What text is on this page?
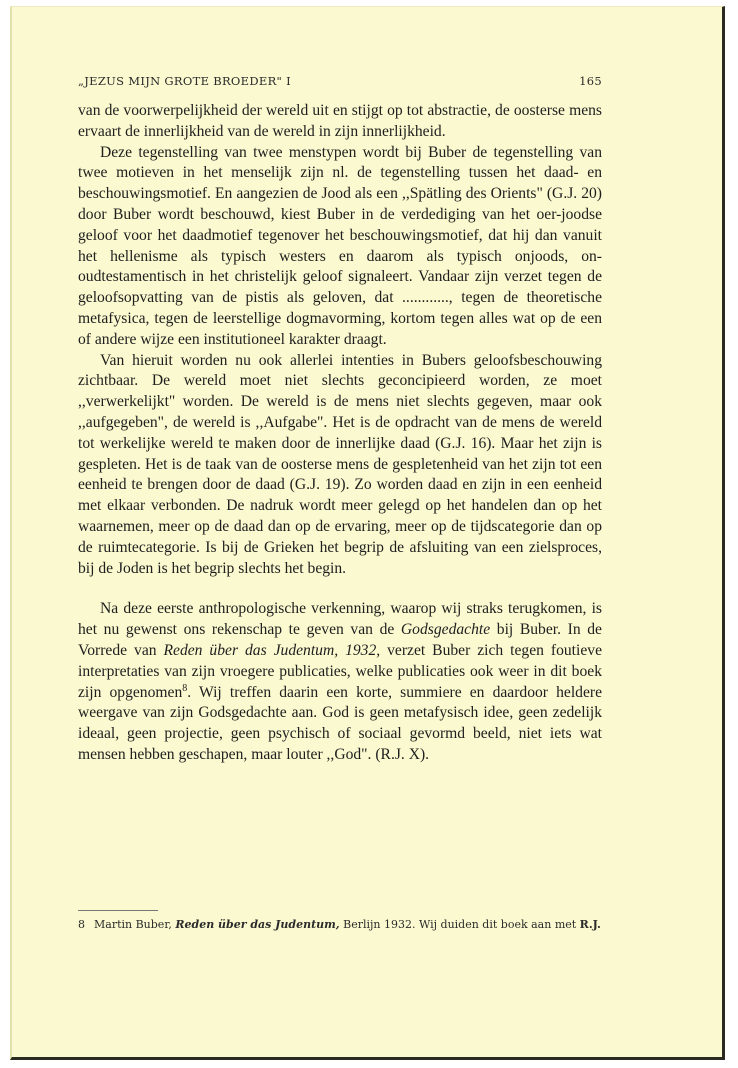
„JEZUS MIJN GROTE BROEDER" I	165

van de voorwerpelijkheid der wereld uit en stijgt op tot abstractie, de oosterse mens ervaart de innerlijkheid van de wereld in zijn innerlijkheid.

Deze tegenstelling van twee menstypen wordt bij Buber de tegenstelling van twee motieven in het menselijk zijn nl. de tegenstelling tussen het daad- en beschouwingsmotief. En aangezien de Jood als een ,,Spätling des Orients" (G.J. 20) door Buber wordt beschouwd, kiest Buber in de verdediging van het oer-joodse geloof voor het daadmotief tegenover het beschouwingsmotief, dat hij dan vanuit het hellenisme als typisch westers en daarom als typisch onjoods, on-oudtestamentisch in het christelijk geloof signaleert. Vandaar zijn verzet tegen de geloofsopvatting van de pistis als geloven, dat ............, tegen de theoretische metafysica, tegen de leerstellige dogmavorming, kortom tegen alles wat op de een of andere wijze een institutioneel karakter draagt.

Van hieruit worden nu ook allerlei intenties in Bubers geloofsbeschouwing zichtbaar. De wereld moet niet slechts geconcipieerd worden, ze moet ,,verwerkelijkt" worden. De wereld is de mens niet slechts gegeven, maar ook ,,aufgegeben", de wereld is ,,Aufgabe". Het is de opdracht van de mens de wereld tot werkelijke wereld te maken door de innerlijke daad (G.J. 16). Maar het zijn is gespleten. Het is de taak van de oosterse mens de gespletenheid van het zijn tot een eenheid te brengen door de daad (G.J. 19). Zo worden daad en zijn in een eenheid met elkaar verbonden. De nadruk wordt meer gelegd op het handelen dan op het waarnemen, meer op de daad dan op de ervaring, meer op de tijdscategorie dan op de ruimtecategorie. Is bij de Grieken het begrip de afsluiting van een zielsproces, bij de Joden is het begrip slechts het begin.

Na deze eerste anthropologische verkenning, waarop wij straks terugkomen, is het nu gewenst ons rekenschap te geven van de Godsgedachte bij Buber. In de Vorrede van Reden über das Judentum, 1932, verzet Buber zich tegen foutieve interpretaties van zijn vroegere publicaties, welke publicaties ook weer in dit boek zijn opgenomen$^8$. Wij treffen daarin een korte, summiere en daardoor heldere weergave van zijn Godsgedachte aan. God is geen metafysisch idee, geen zedelijk ideaal, geen projectie, geen psychisch of sociaal gevormd beeld, niet iets wat mensen hebben geschapen, maar louter ,,God". (R.J. X).

8 Martin Buber, Reden über das Judentum, Berlijn 1932. Wij duiden dit boek aan met R.J.
